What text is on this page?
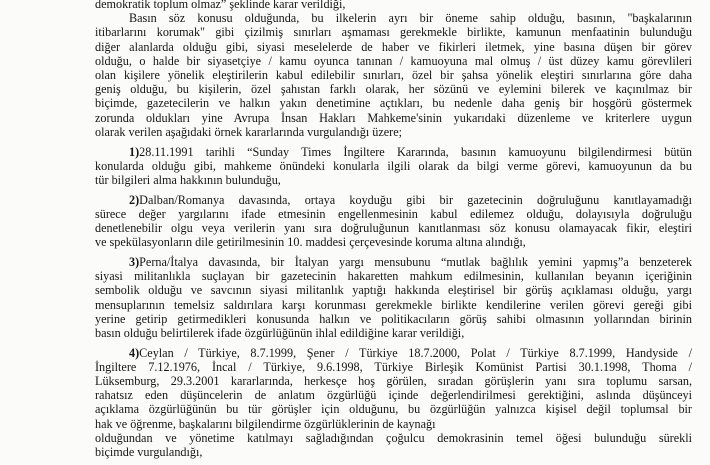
demokratik toplum olmaz” şeklinde karar verildiği,
Basın söz konusu olduğunda, bu ilkelerin ayrı bir öneme sahip olduğu, basının, "başkalarının
itibarlarını korumak" gibi çizilmiş sınırları aşmaması gerekmekle birlikte, kamunun menfaatinin bulunduğu
diğer alanlarda olduğu gibi, siyasi meselelerde de haber ve fikirleri iletmek, yine basına düşen bir görev
olduğu, o halde bir siyasetçiye / kamu oyunca tanınan / kamuoyuna mal olmuş / üst düzey kamu görevlileri
olan kişilere yönelik eleştirilerin kabul edilebilir sınırları, özel bir şahsa yönelik eleştiri sınırlarına göre daha
geniş olduğu, bu kişilerin, özel şahıstan farklı olarak, her sözünü ve eylemini bilerek ve kaçınılmaz bir
biçimde, gazetecilerin ve halkın yakın denetimine açtıkları, bu nedenle daha geniş bir hoşgörü göstermek
zorunda oldukları yine Avrupa İnsan Hakları Mahkeme'sinin yukarıdaki düzenleme ve kriterlere uygun
olarak verilen aşağıdaki örnek kararlarında vurgulandığı üzere;
1)28.11.1991 tarihli “Sunday Times İngiltere Kararında, basının kamuoyunu bilgilendirmesi bütün
konularda olduğu gibi, mahkeme önündeki konularla ilgili olarak da bilgi verme görevi, kamuoyunun da bu
tür bilgileri alma hakkının bulunduğu,
2)Dalban/Romanya davasında, ortaya koyduğu gibi bir gazetecinin doğruluğunu kanıtlayamadığı
sürece değer yargılarını ifade etmesinin engellenmesinin kabul edilemez olduğu, dolayısıyla doğruluğu
denetlenebilir olgu veya verilerin yanı sıra doğruluğunun kanıtlanması söz konusu olamayacak fikir, eleştiri
ve spekülasyonların dile getirilmesinin 10. maddesi çerçevesinde koruma altına alındığı,
3)Perna/İtalya davasında, bir İtalyan yargı mensubunu “mutlak bağlılık yemini yapmış”a benzeterek
siyasi militanlıkla suçlayan bir gazetecinin hakaretten mahkum edilmesinin, kullanılan beyanın içeriğinin
sembolik olduğu ve savcının siyasi militanlık yaptığı hakkında eleştirisel bir görüş açıklaması olduğu, yargı
mensuplarının temelsiz saldırılara karşı korunması gerekmekle birlikte kendilerine verilen görevi gereği gibi
yerine getirip getirmedikleri konusunda halkın ve politikacıların görüş sahibi olmasının yollarından birinin
basın olduğu belirtilerek ifade özgürlüğünün ihlal edildiğine karar verildiği,
4)Ceylan / Türkiye, 8.7.1999, Şener / Türkiye 18.7.2000, Polat / Türkiye 8.7.1999, Handyside /
İngiltere 7.12.1976, İncal / Türkiye, 9.6.1998, Türkiye Birleşik Komünist Partisi 30.1.1998, Thoma /
Lüksemburg, 29.3.2001 kararlarında, herkesçe hoş görülen, sıradan görüşlerin yanı sıra toplumu sarsan,
rahatsız eden düşüncelerin de anlatım özgürlüğü içinde değerlendirilmesi gerektiğini, aslında düşünceyi
açıklama özgürlüğünün bu tür görüşler için olduğunu, bu özgürlüğün yalnızca kişisel değil toplumsal bir
hak ve öğrenme, başkalarını bilgilendirme özgürlüklerinin de kaynağı
olduğundan ve yönetime katılmayı sağladığından çoğulcu demokrasinin temel öğesi bulunduğu sürekli
biçimde vurgulandığı,
